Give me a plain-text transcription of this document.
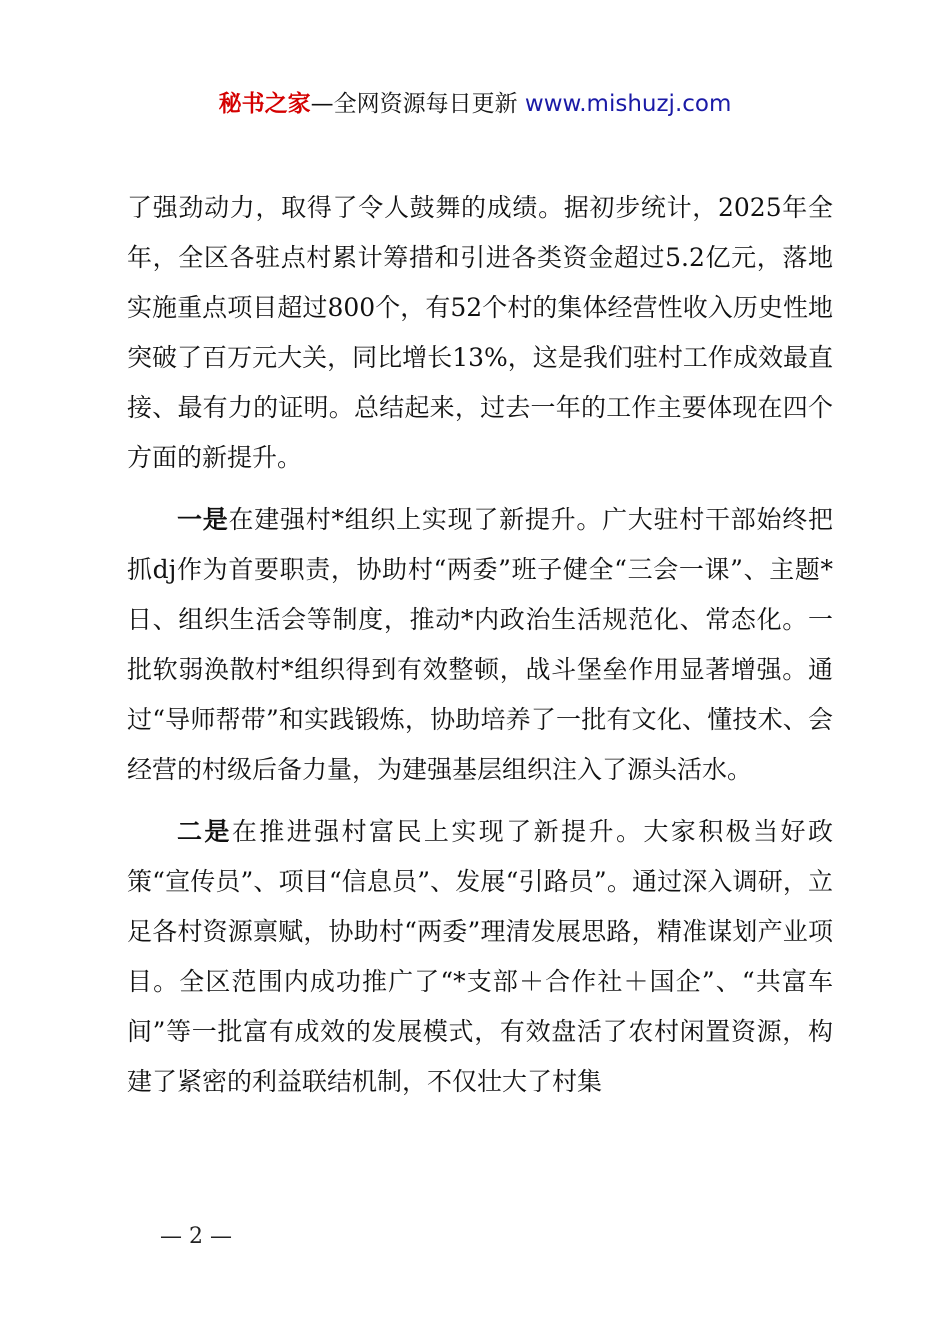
秘书之家—全网资源每日更新 www.mishuzj.com

了强劲动力，取得了令人鼓舞的成绩。据初步统计，2025年全年，全区各驻点村累计筹措和引进各类资金超过5.2亿元，落地实施重点项目超过800个，有52个村的集体经营性收入历史性地突破了百万元大关，同比增长13%，这是我们驻村工作成效最直接、最有力的证明。总结起来，过去一年的工作主要体现在四个方面的新提升。

一是在建强村*组织上实现了新提升。广大驻村干部始终把抓dj作为首要职责，协助村“两委”班子健全“三会一课”、主题*日、组织生活会等制度，推动*内政治生活规范化、常态化。一批软弱涣散村*组织得到有效整顿，战斗堡垒作用显著增强。通过“导师帮带”和实践锻炼，协助培养了一批有文化、懂技术、会经营的村级后备力量，为建强基层组织注入了源头活水。

二是在推进强村富民上实现了新提升。大家积极当好政策“宣传员”、项目“信息员”、发展“引路员”。通过深入调研，立足各村资源禀赋，协助村“两委”理清发展思路，精准谋划产业项目。全区范围内成功推广了“*支部＋合作社＋国企”、“共富车间”等一批富有成效的发展模式，有效盘活了农村闲置资源，构建了紧密的利益联结机制，不仅壮大了村集

— 2 —
